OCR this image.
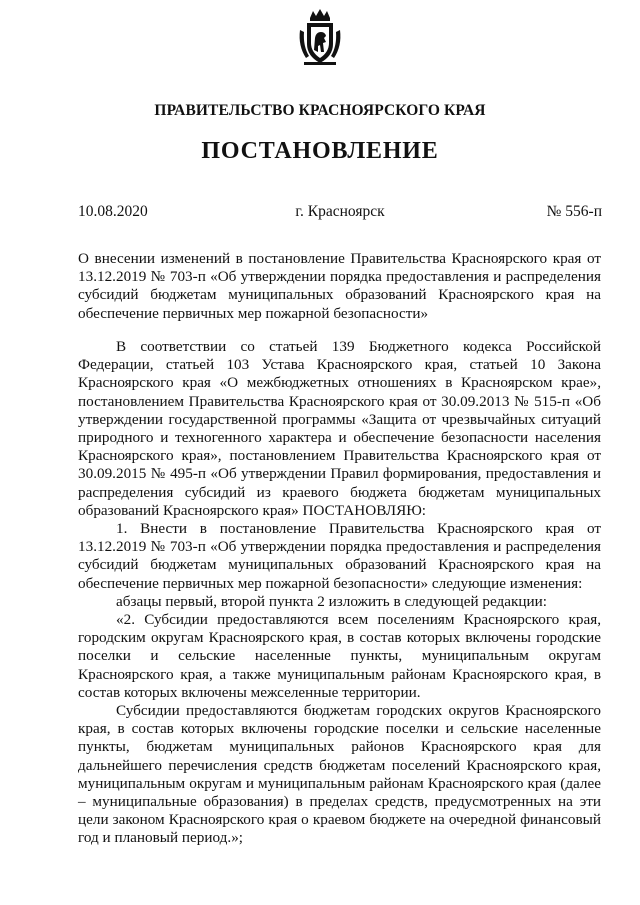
ПРАВИТЕЛЬСТВО КРАСНОЯРСКОГО КРАЯ
ПОСТАНОВЛЕНИЕ
10.08.2020	г. Красноярск	№ 556-п

О внесении изменений в постановление Правительства Красноярского края от 13.12.2019 № 703-п «Об утверждении порядка предоставления и распределения субсидий бюджетам муниципальных образований Красноярского края на обеспечение первичных мер пожарной безопасности»

В соответствии со статьей 139 Бюджетного кодекса Российской Федерации, статьей 103 Устава Красноярского края, статьей 10 Закона Красноярского края «О межбюджетных отношениях в Красноярском крае», постановлением Правительства Красноярского края от 30.09.2013 № 515-п «Об утверждении государственной программы «Защита от чрезвычайных ситуаций природного и техногенного характера и обеспечение безопасности населения Красноярского края», постановлением Правительства Красноярского края от 30.09.2015 № 495-п «Об утверждении Правил формирования, предоставления и распределения субсидий из краевого бюджета бюджетам муниципальных образований Красноярского края» ПОСТАНОВЛЯЮ:

1. Внести в постановление Правительства Красноярского края от 13.12.2019 № 703-п «Об утверждении порядка предоставления и распределения субсидий бюджетам муниципальных образований Красноярского края на обеспечение первичных мер пожарной безопасности» следующие изменения:

абзацы первый, второй пункта 2 изложить в следующей редакции:

«2. Субсидии предоставляются всем поселениям Красноярского края, городским округам Красноярского края, в состав которых включены городские поселки и сельские населенные пункты, муниципальным округам Красноярского края, а также муниципальным районам Красноярского края, в состав которых включены межселенные территории.

Субсидии предоставляются бюджетам городских округов Красноярского края, в состав которых включены городские поселки и сельские населенные пункты, бюджетам муниципальных районов Красноярского края для дальнейшего перечисления средств бюджетам поселений Красноярского края, муниципальным округам и муниципальным районам Красноярского края (далее – муниципальные образования) в пределах средств, предусмотренных на эти цели законом Красноярского края о краевом бюджете на очередной финансовый год и плановый период.»;
